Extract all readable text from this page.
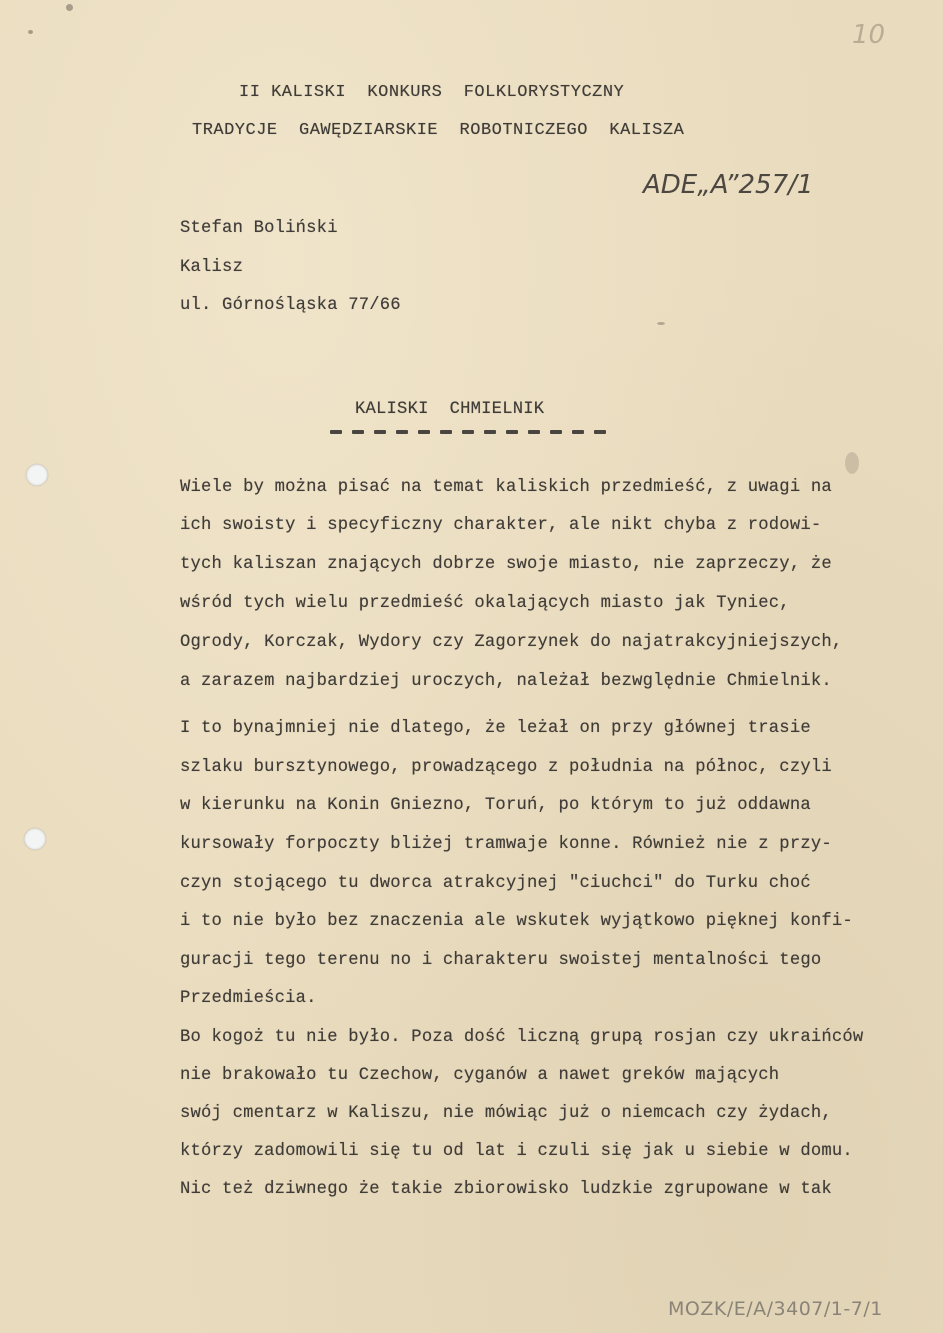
10
II KALISKI  KONKURS  FOLKLORYSTYCZNY
TRADYCJE  GAWĘDZIARSKIE  ROBOTNICZEGO  KALISZA
ADE„A”257/1
Stefan Boliński
Kalisz
ul. Górnośląska 77/66
KALISKI  CHMIELNIK
Wiele by można pisać na temat kaliskich przedmieść, z uwagi na
ich swoisty i specyficzny charakter, ale nikt chyba z rodowi-
tych kaliszan znających dobrze swoje miasto, nie zaprzeczy, że
wśród tych wielu przedmieść okalających miasto jak Tyniec,
Ogrody, Korczak, Wydory czy Zagorzynek do najatrakcyjniejszych,
a zarazem najbardziej uroczych, należał bezwględnie Chmielnik.
I to bynajmniej nie dlatego, że leżał on przy głównej trasie
szlaku bursztynowego, prowadzącego z południa na północ, czyli
w kierunku na Konin Gniezno, Toruń, po którym to już oddawna
kursowały forpoczty bliżej tramwaje konne. Również nie z przy-
czyn stojącego tu dworca atrakcyjnej "ciuchci" do Turku choć
i to nie było bez znaczenia ale wskutek wyjątkowo pięknej konfi-
guracji tego terenu no i charakteru swoistej mentalności tego
Przedmieścia.
Bo kogoż tu nie było. Poza dość liczną grupą rosjan czy ukraińców
nie brakowało tu Czechow, cyganów a nawet greków mających
swój cmentarz w Kaliszu, nie mówiąc już o niemcach czy żydach,
którzy zadomowili się tu od lat i czuli się jak u siebie w domu.
Nic też dziwnego że takie zbiorowisko ludzkie zgrupowane w tak
MOZK/E/A/3407/1-7/1
